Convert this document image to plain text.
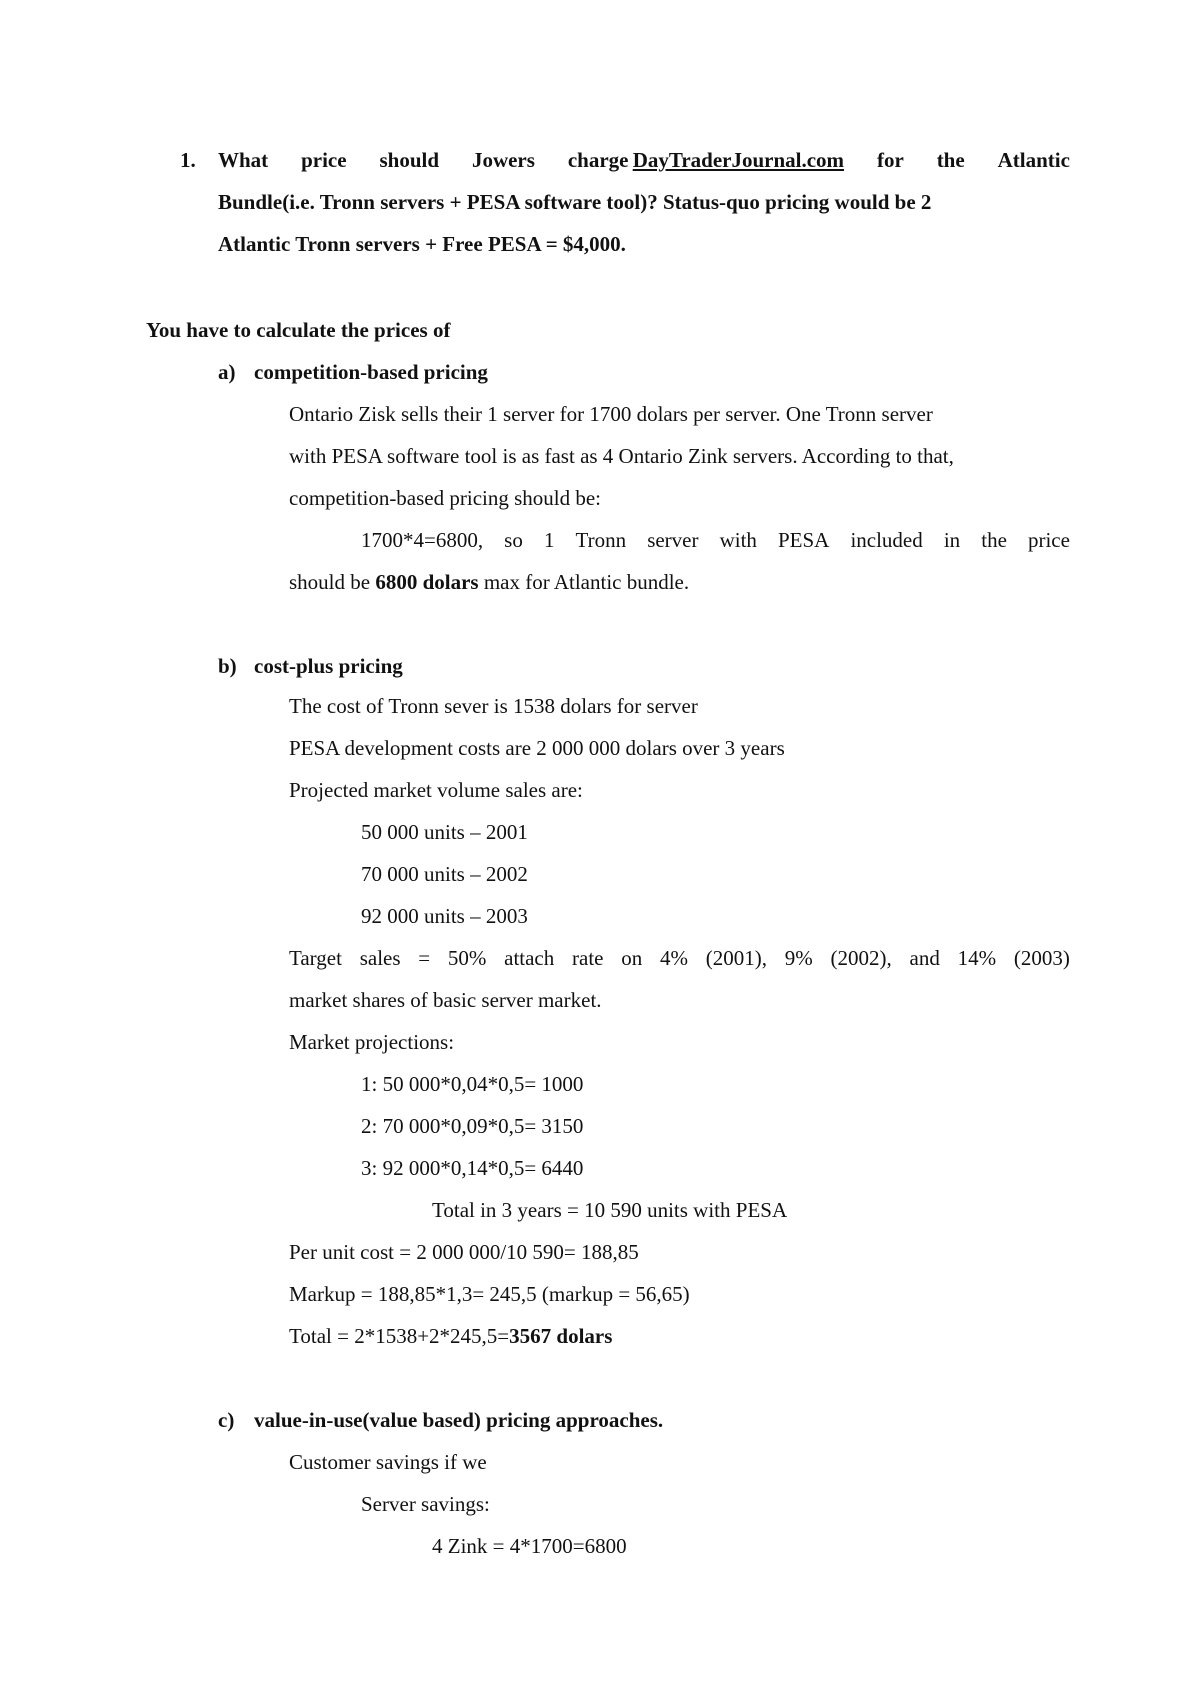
1. What price should Jowers charge  DayTraderJournal.com for the Atlantic
Bundle(i.e. Tronn servers + PESA software tool)? Status-quo pricing would be 2
Atlantic Tronn servers + Free PESA = $4,000.
You have to calculate the prices of
a) competition-based pricing
Ontario Zisk sells their 1 server for 1700 dolars per server. One Tronn server
with PESA software tool is as fast as 4 Ontario Zink servers. According to that,
competition-based pricing should be:
1700*4=6800, so 1 Tronn server with PESA included in the price
should be 6800 dolars max for Atlantic bundle.
b) cost-plus pricing
The cost of Tronn sever is 1538 dolars for server
PESA development costs are 2 000 000 dolars over 3 years
Projected market volume sales are:
50 000 units – 2001
70 000 units – 2002
92 000 units – 2003
Target sales = 50% attach rate on 4% (2001), 9% (2002), and 14% (2003)
market shares of basic server market.
Market projections:
1: 50 000*0,04*0,5= 1000
2: 70 000*0,09*0,5= 3150
3: 92 000*0,14*0,5= 6440
Total in 3 years = 10 590 units with PESA
Per unit cost = 2 000 000/10 590= 188,85
Markup = 188,85*1,3= 245,5 (markup = 56,65)
Total = 2*1538+2*245,5=3567 dolars
c) value-in-use(value based) pricing approaches.
Customer savings if we
Server savings:
4 Zink = 4*1700=6800
